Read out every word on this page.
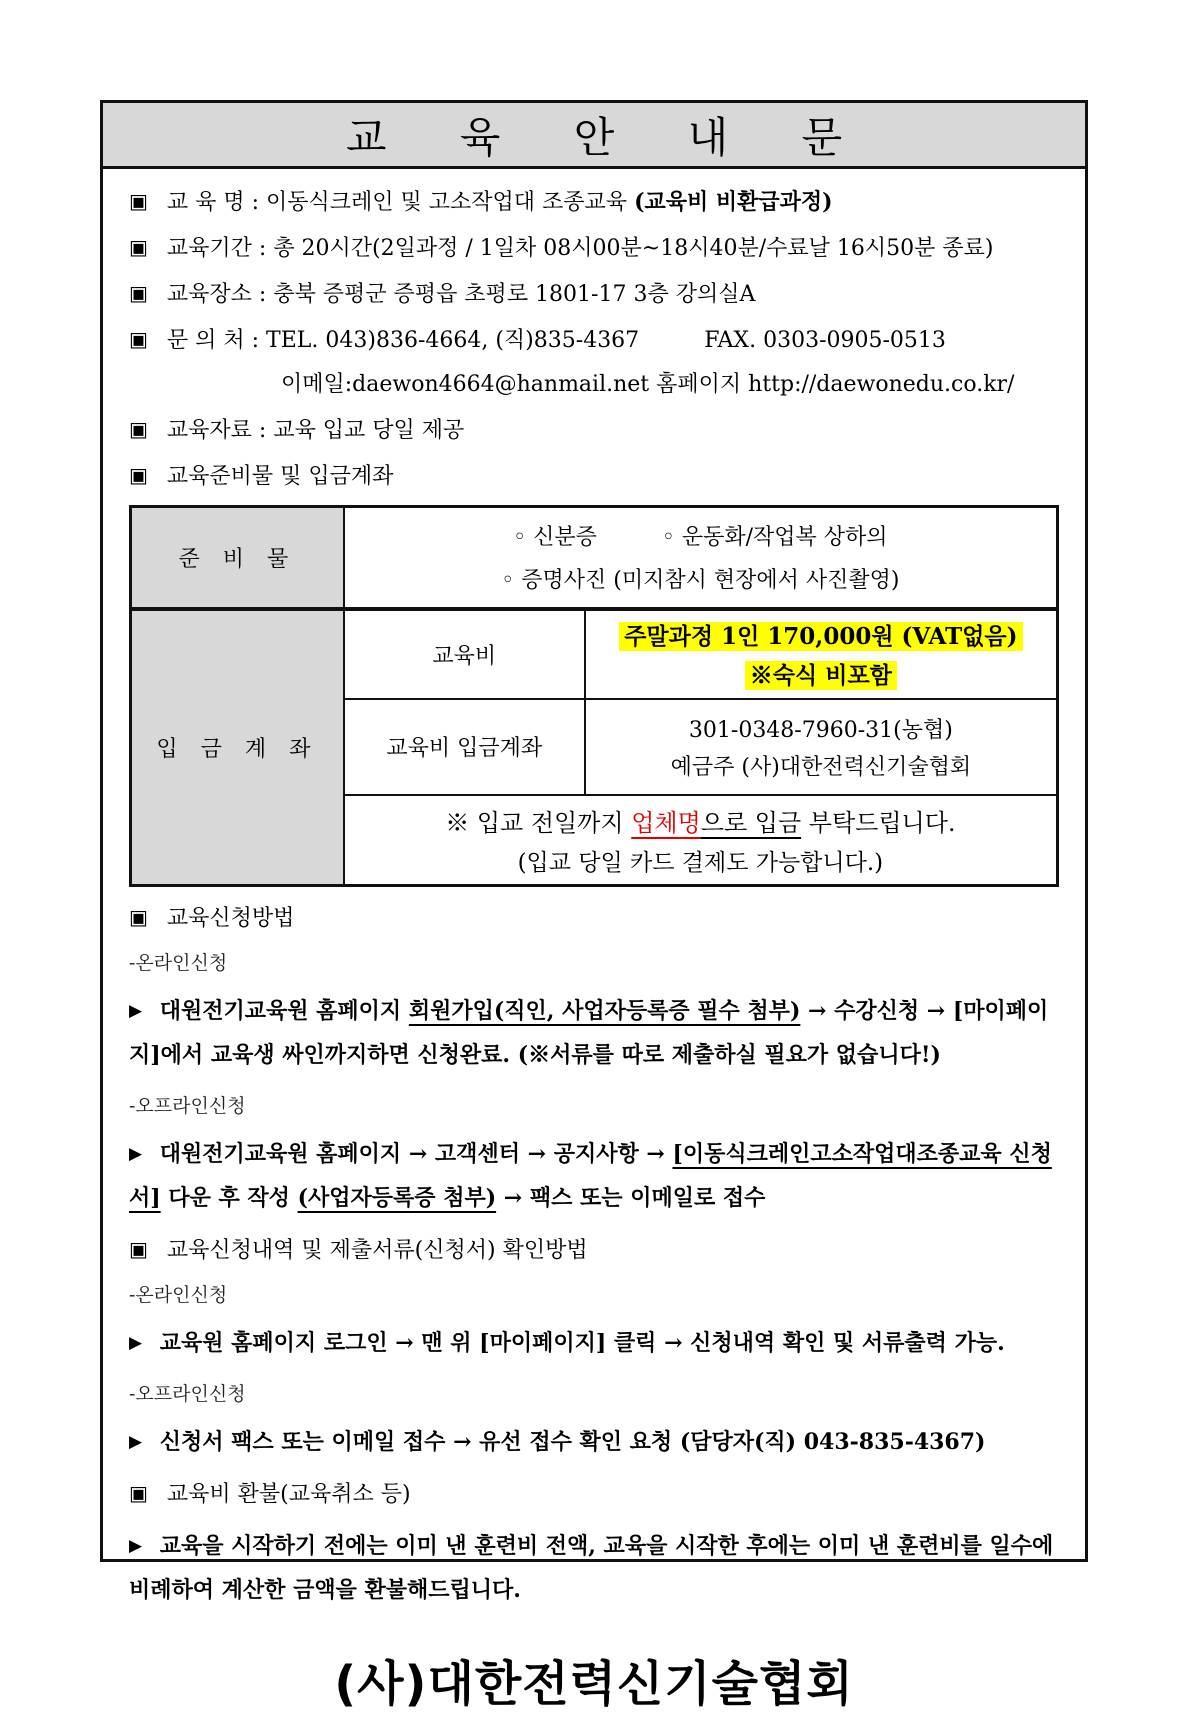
교 육 안 내 문

▣ 교 육 명 : 이동식크레인 및 고소작업대 조종교육 (교육비 비환급과정)

▣ 교육기간 : 총 20시간(2일과정 / 1일차 08시00분~18시40분/수료날 16시50분 종료)

▣ 교육장소 : 충북 증평군 증평읍 초평로 1801-17 3층 강의실A

▣ 문 의 처 : TEL. 043)836-4664, (직)835-4367	FAX. 0303-0905-0513

이메일:daewon4664@hanmail.net 홈페이지 http://daewonedu.co.kr/

▣ 교육자료 : 교육 입교 당일 제공

▣ 교육준비물 및 입금계좌

준 비 물	◦ 신분증 ◦ 운동화/작업복 상하의
◦ 증명사진 (미지참시 현장에서 사진촬영)	

입 금 계 좌	교육비	주말과정 1인 170,000원 (VAT없음)
※숙식 비포함

	교육비 입금계좌	301-0348-7960-31(농협)
예금주 (사)대한전력신기술협회

	※ 입교 전일까지 업체명으로 입금 부탁드립니다.
(입교 당일 카드 결제도 가능합니다.)	

▣ 교육신청방법

-온라인신청

▶ 대원전기교육원 홈페이지 회원가입(직인, 사업자등록증 필수 첨부) → 수강신청 → [마이페이지]에서 교육생 싸인까지하면 신청완료. (※서류를 따로 제출하실 필요가 없습니다!)

-오프라인신청

▶ 대원전기교육원 홈페이지 → 고객센터 → 공지사항 → [이동식크레인고소작업대조종교육 신청서] 다운 후 작성 (사업자등록증 첨부) → 팩스 또는 이메일로 접수

▣ 교육신청내역 및 제출서류(신청서) 확인방법

-온라인신청

▶ 교육원 홈페이지 로그인 → 맨 위 [마이페이지] 클릭 → 신청내역 확인 및 서류출력 가능.

-오프라인신청

▶ 신청서 팩스 또는 이메일 접수 → 유선 접수 확인 요청 (담당자(직) 043-835-4367)

▣ 교육비 환불(교육취소 등)

▶ 교육을 시작하기 전에는 이미 낸 훈련비 전액, 교육을 시작한 후에는 이미 낸 훈련비를 일수에 비례하여 계산한 금액을 환불해드립니다.

(사)대한전력신기술협회
